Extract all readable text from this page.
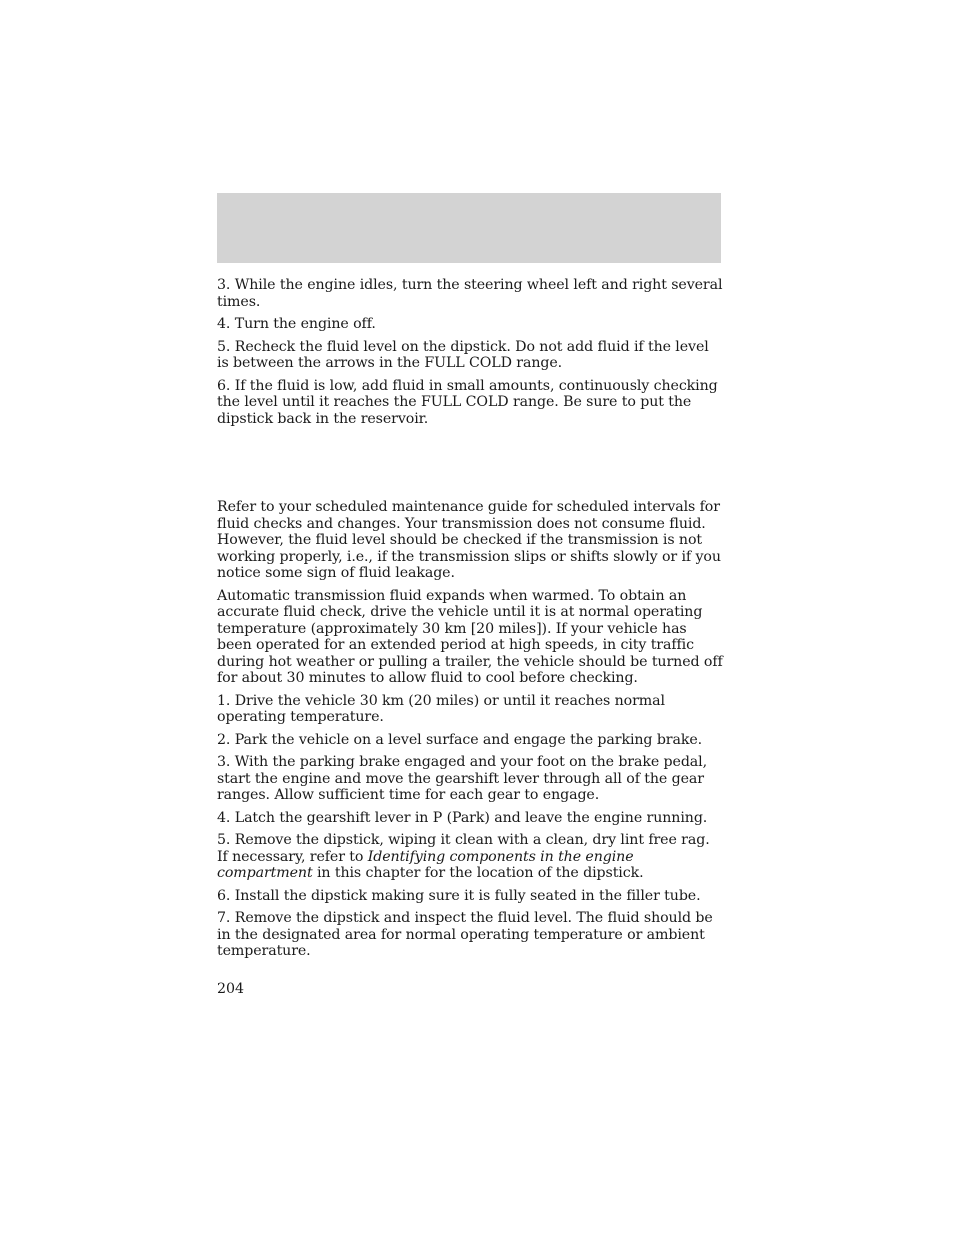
3. While the engine idles, turn the steering wheel left and right several times.

4. Turn the engine off.

5. Recheck the fluid level on the dipstick. Do not add fluid if the level is between the arrows in the FULL COLD range.

6. If the fluid is low, add fluid in small amounts, continuously checking the level until it reaches the FULL COLD range. Be sure to put the dipstick back in the reservoir.

Refer to your scheduled maintenance guide for scheduled intervals for fluid checks and changes. Your transmission does not consume fluid. However, the fluid level should be checked if the transmission is not working properly, i.e., if the transmission slips or shifts slowly or if you notice some sign of fluid leakage.

Automatic transmission fluid expands when warmed. To obtain an accurate fluid check, drive the vehicle until it is at normal operating temperature (approximately 30 km [20 miles]). If your vehicle has been operated for an extended period at high speeds, in city traffic during hot weather or pulling a trailer, the vehicle should be turned off for about 30 minutes to allow fluid to cool before checking.

1. Drive the vehicle 30 km (20 miles) or until it reaches normal operating temperature.

2. Park the vehicle on a level surface and engage the parking brake.

3. With the parking brake engaged and your foot on the brake pedal, start the engine and move the gearshift lever through all of the gear ranges. Allow sufficient time for each gear to engage.

4. Latch the gearshift lever in P (Park) and leave the engine running.

5. Remove the dipstick, wiping it clean with a clean, dry lint free rag. If necessary, refer to Identifying components in the engine compartment in this chapter for the location of the dipstick.

6. Install the dipstick making sure it is fully seated in the filler tube.

7. Remove the dipstick and inspect the fluid level. The fluid should be in the designated area for normal operating temperature or ambient temperature.

204
